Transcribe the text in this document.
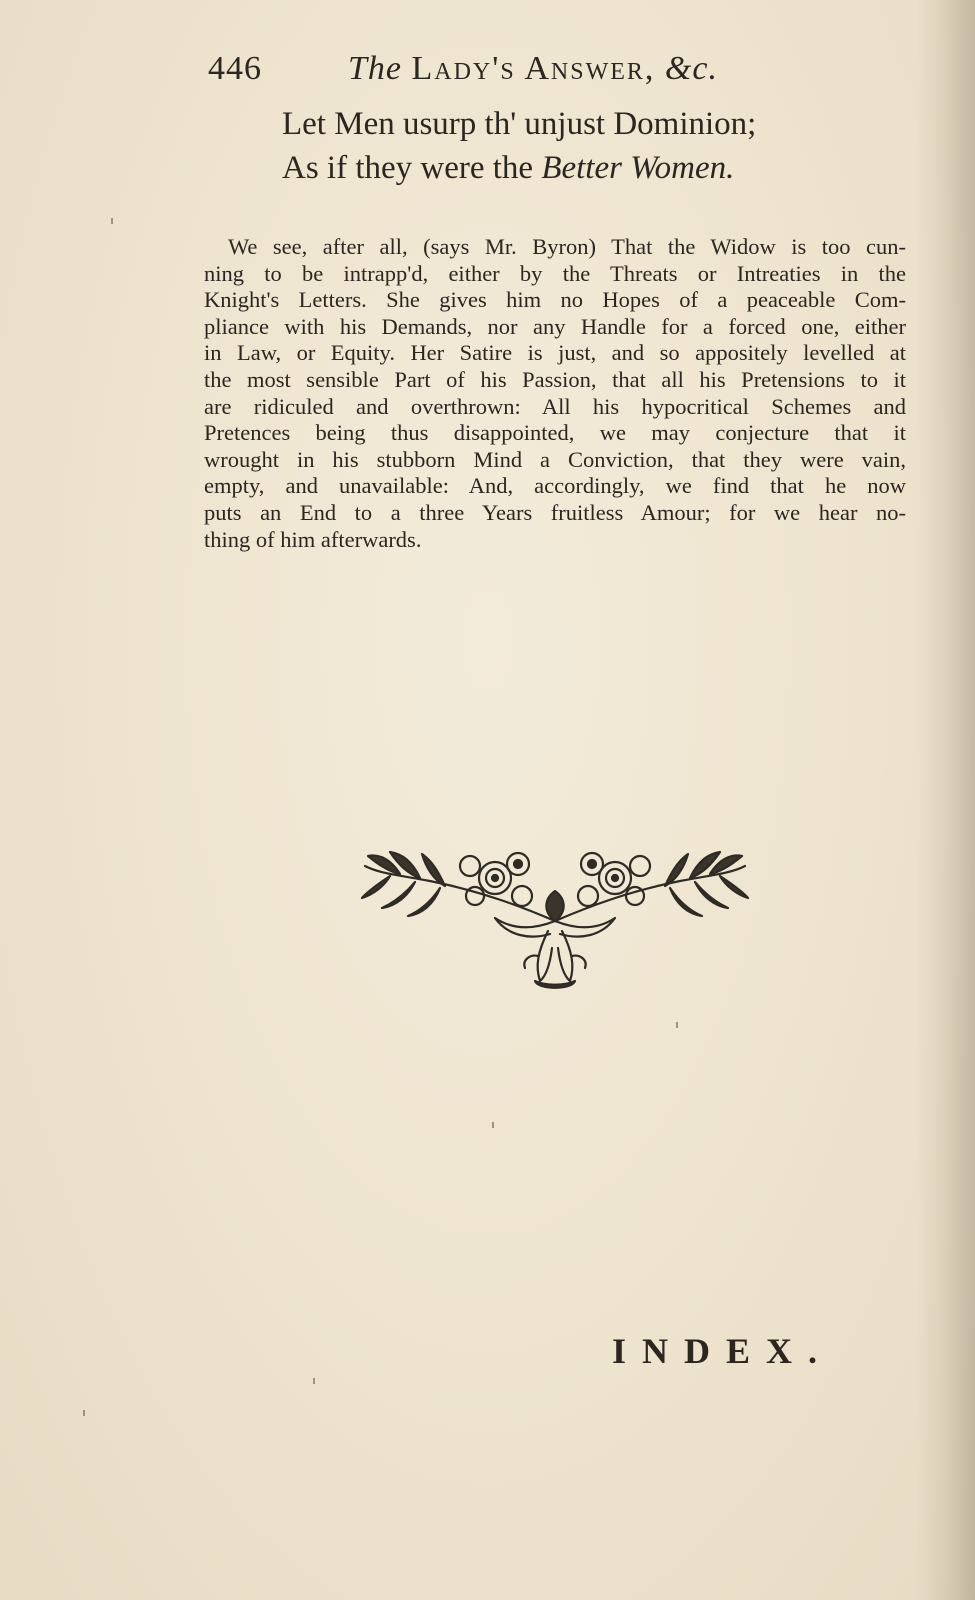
446	The Lady's Answer, &c.
Let Men usurp th' unjust Dominion;
As if they were the Better Women.
We see, after all, (says Mr. Byron) That the Widow is too cun-
ning to be intrapp'd, either by the Threats or Intreaties in the
Knight's Letters. She gives him no Hopes of a peaceable Com-
pliance with his Demands, nor any Handle for a forced one, either
in Law, or Equity. Her Satire is just, and so appositely levelled at
the most sensible Part of his Passion, that all his Pretensions to it
are ridiculed and overthrown: All his hypocritical Schemes and
Pretences being thus disappointed, we may conjecture that it
wrought in his stubborn Mind a Conviction, that they were vain,
empty, and unavailable: And, accordingly, we find that he now
puts an End to a three Years fruitless Amour; for we hear no-
thing of him afterwards.
INDEX.
